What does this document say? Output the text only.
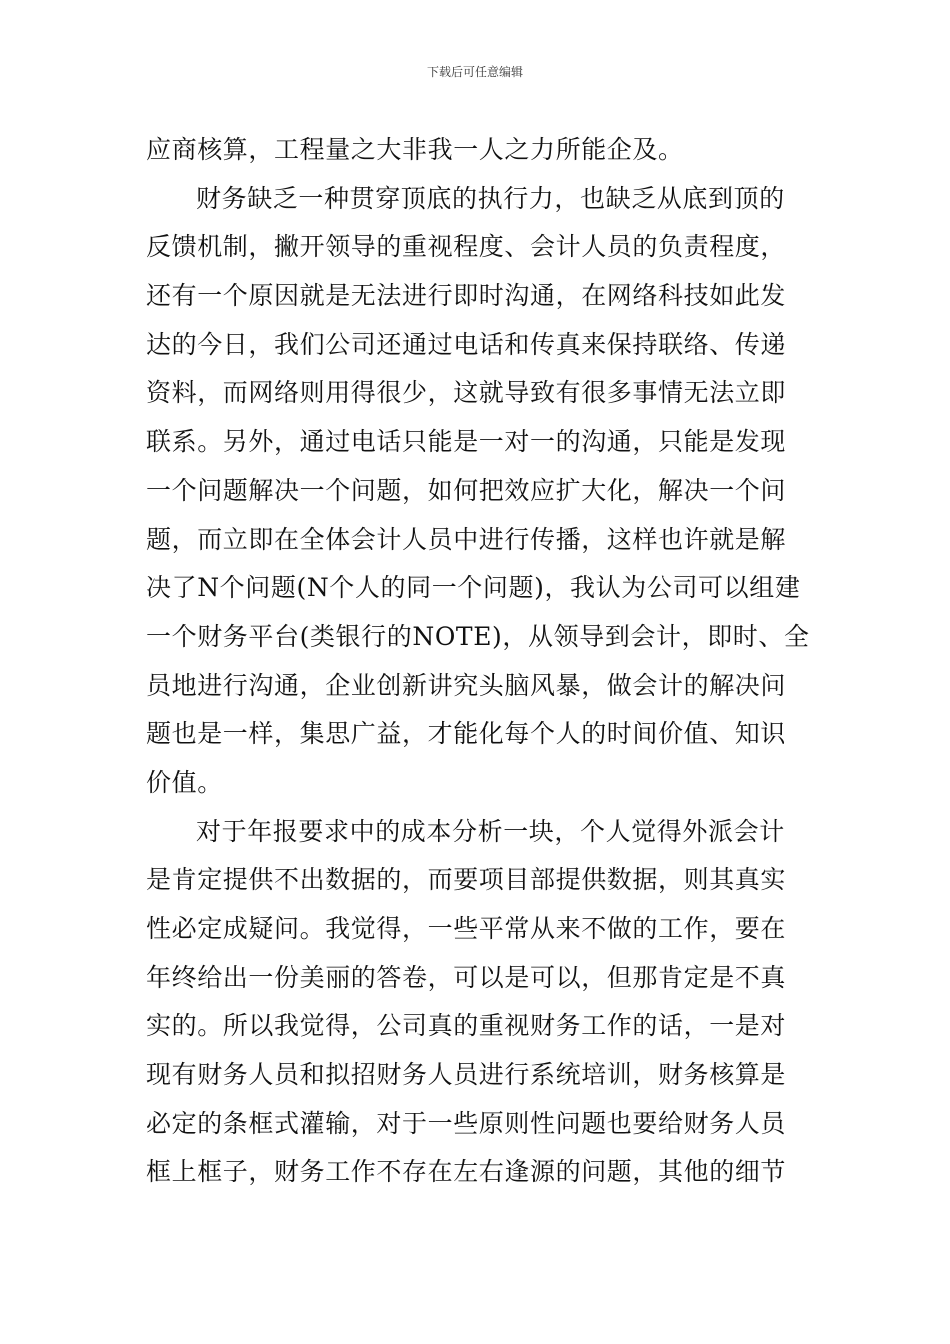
下载后可任意编辑
应商核算，工程量之大非我一人之力所能企及。
财务缺乏一种贯穿顶底的执行力，也缺乏从底到顶的
反馈机制，撇开领导的重视程度、会计人员的负责程度，
还有一个原因就是无法进行即时沟通，在网络科技如此发
达的今日，我们公司还通过电话和传真来保持联络、传递
资料，而网络则用得很少，这就导致有很多事情无法立即
联系。另外，通过电话只能是一对一的沟通，只能是发现
一个问题解决一个问题，如何把效应扩大化，解决一个问
题，而立即在全体会计人员中进行传播，这样也许就是解
决了N个问题(N个人的同一个问题)，我认为公司可以组建
一个财务平台(类银行的NOTE)，从领导到会计，即时、全
员地进行沟通，企业创新讲究头脑风暴，做会计的解决问
题也是一样，集思广益，才能化每个人的时间价值、知识
价值。
对于年报要求中的成本分析一块，个人觉得外派会计
是肯定提供不出数据的，而要项目部提供数据，则其真实
性必定成疑问。我觉得，一些平常从来不做的工作，要在
年终给出一份美丽的答卷，可以是可以，但那肯定是不真
实的。所以我觉得，公司真的重视财务工作的话，一是对
现有财务人员和拟招财务人员进行系统培训，财务核算是
必定的条框式灌输，对于一些原则性问题也要给财务人员
框上框子，财务工作不存在左右逢源的问题，其他的细节
